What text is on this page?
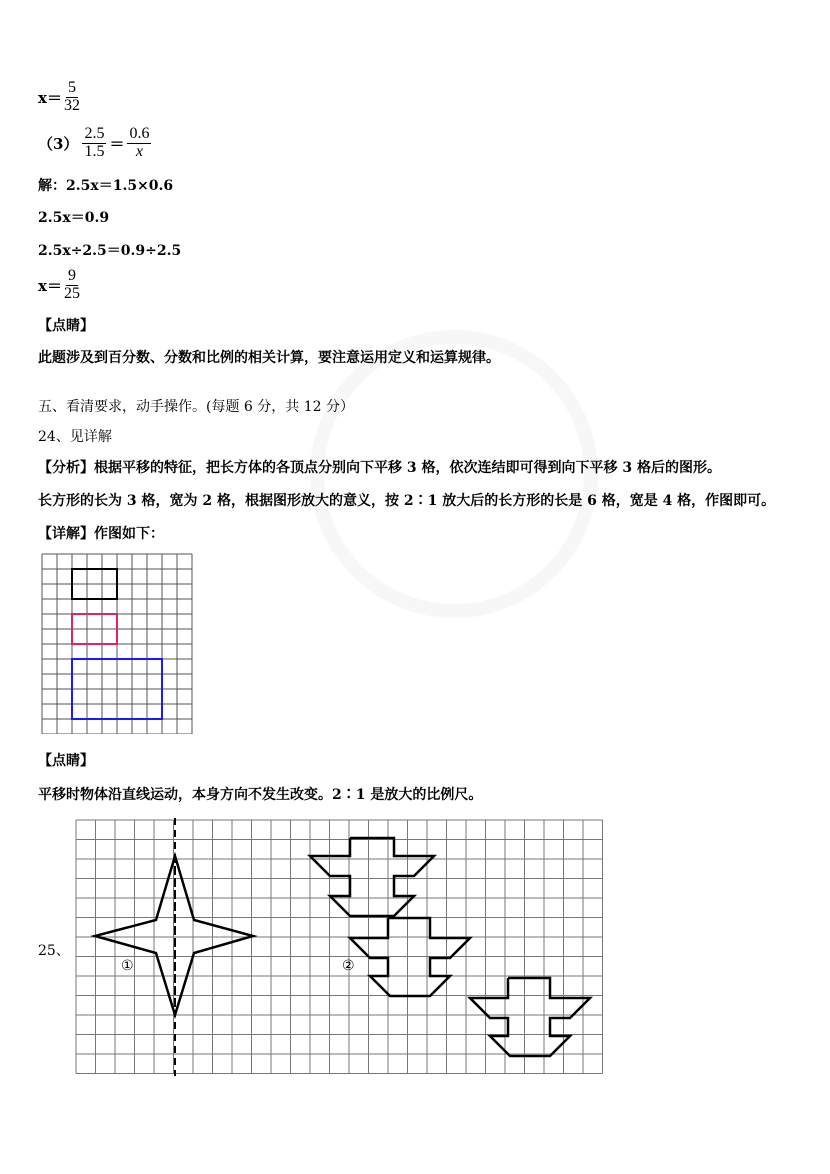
$x= \frac{5}{32}$
$(3) \frac{2.5}{1.5} = \frac{0.6}{x}$
解：2.5x＝1.5×0.6
2.5x＝0.9
2.5x÷2.5＝0.9÷2.5
$x= \frac{9}{25}$
【点睛】
此题涉及到百分数、分数和比例的相关计算，要注意运用定义和运算规律。
五、看清要求，动手操作。(每题 6 分，共 12 分）
24、见详解
【分析】根据平移的特征，把长方体的各顶点分别向下平移 3 格，依次连结即可得到向下平移 3 格后的图形。
长方形的长为 3 格，宽为 2 格，根据图形放大的意义，按 2∶1 放大后的长方形的长是 6 格，宽是 4 格，作图即可。
【详解】作图如下：
【点睛】
平移时物体沿直线运动，本身方向不发生改变。2∶1 是放大的比例尺。
25、
①	②
